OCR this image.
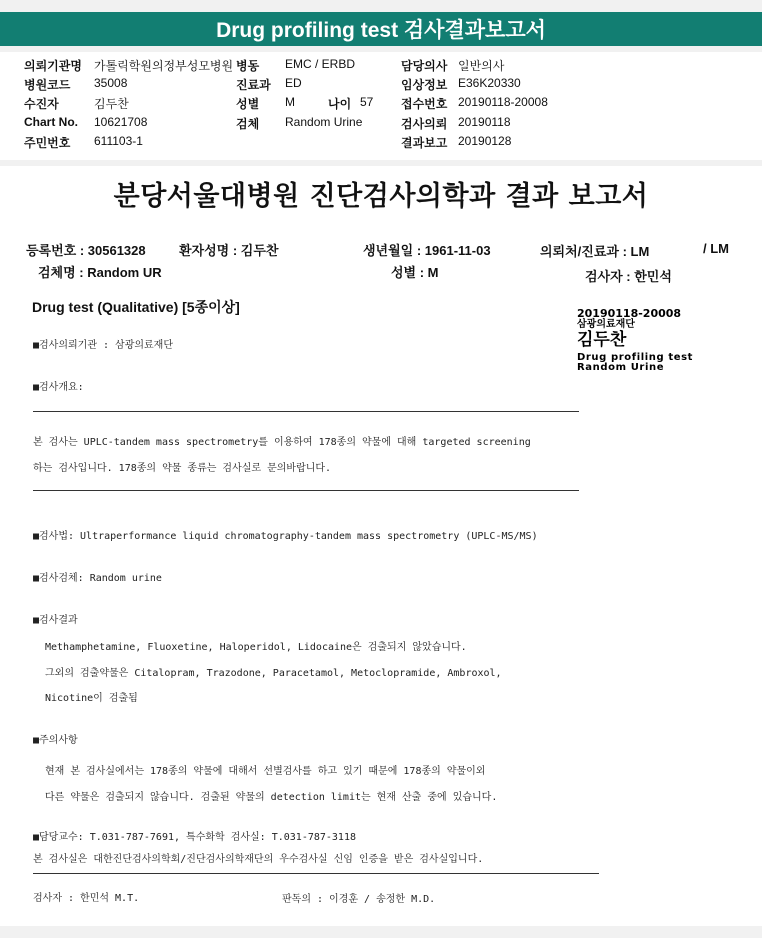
Drug profiling test 검사결과보고서
의뢰기관명 가톨릭학원의정부성모병원 병동 EMC / ERBD	담당의사 일반의사
병원코드 35008	진료과 ED	임상정보 E36K20330
수진자	김두찬	성별 M	나이 57 접수번호 20190118-20008
Chart No. 10621708	검체 Random Urine	검사의뢰 20190118
주민번호 611103-1	결과보고 20190128
분당서울대병원 진단검사의학과 결과 보고서
등록번호 : 30561328	환자성명 : 김두찬	생년월일 : 1961-11-03	의뢰처/진료과 : LM	/ LM
검체명 : Random UR	성별 : M	검사자 : 한민석
Drug test (Qualitative) [5종이상]	20190118-20008
삼광의료재단
김두찬
Drug profiling test
Random Urine
■검사의뢰기관 : 삼광의료재단
■검사개요:
본 검사는 UPLC-tandem mass spectrometry를 이용하여 178종의 약물에 대해 targeted screening
하는 검사입니다. 178종의 약물 종류는 검사실로 문의바랍니다.
■검사법: Ultraperformance liquid chromatography-tandem mass spectrometry (UPLC-MS/MS)
■검사검체: Random urine
■검사결과
Methamphetamine, Fluoxetine, Haloperidol, Lidocaine은 검출되지 않았습니다.
그외의 검출약물은 Citalopram, Trazodone, Paracetamol, Metoclopramide, Ambroxol,
Nicotine이 검출됨
■주의사항
현재 본 검사실에서는 178종의 약물에 대해서 선별검사를 하고 있기 때문에 178종의 약물이외
다른 약물은 검출되지 않습니다. 검출된 약물의 detection limit는 현재 산출 중에 있습니다.
■담당교수: T.031-787-7691, 특수화학 검사실: T.031-787-3118
본 검사실은 대한진단검사의학회/진단검사의학재단의 우수검사실 신임 인증을 받은 검사실입니다.
검사자 : 한민석 M.T.	판독의 : 이경훈 / 송정한 M.D.
